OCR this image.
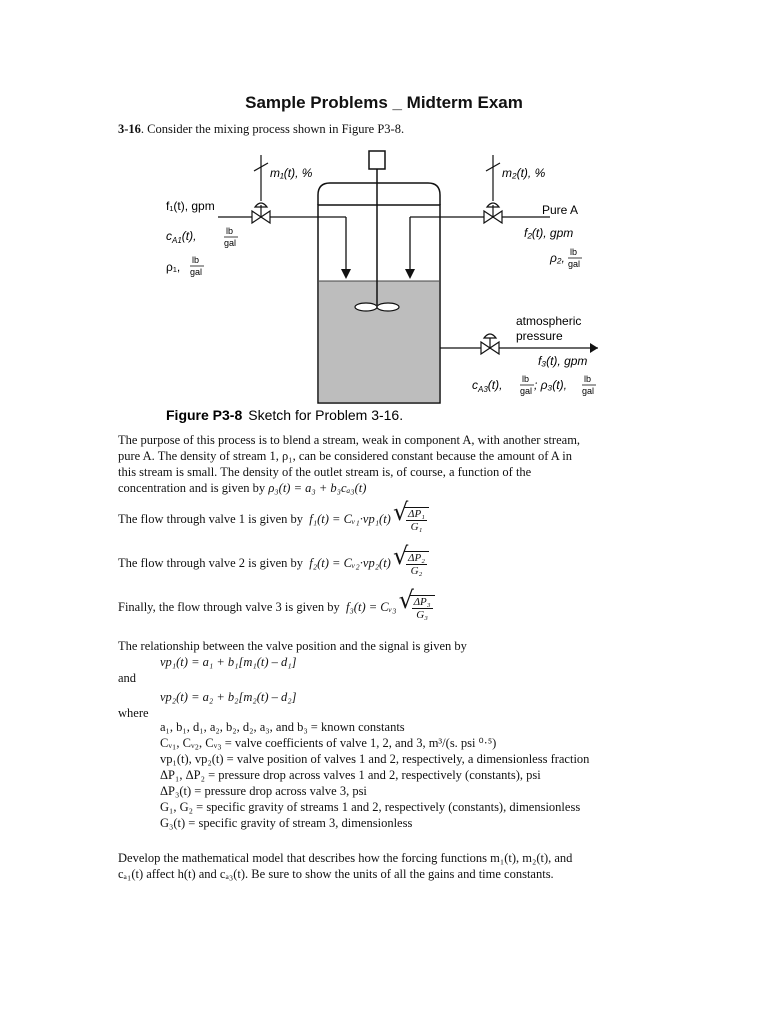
Sample Problems _ Midterm Exam
3-16. Consider the mixing process shown in Figure P3-8.
m₁(t), %	m₂(t), %
f₁(t), gpm
$c_{A1}(t)$,	lb
gal
ρ₁, lb
gal
Pure A
f₂(t), gpm
ρ₂, lb
gal
atmospheric
pressure
f₃(t), gpm
$c_{A3}(t)$, lb
gal ; ρ₃(t), lb
gal
Figure P3-8 Sketch for Problem 3-16.
The purpose of this process is to blend a stream, weak in component A, with another stream,
pure A. The density of stream 1, ρ₁, can be considered constant because the amount of A in
this stream is small. The density of the outlet stream is, of course, a function of the
concentration and is given by ρ₃(t) = a₃ + b₃cₐ₃(t)
The flow through valve 1 is given by f₁(t) = Cᵥ₁·vp₁(t) √ $\frac{\text{ΔP₁}}{\text{G₁}}$
The flow through valve 2 is given by f₂(t) = Cᵥ₂·vp₂(t) √ $\frac{\text{ΔP₂}}{\text{G₂}}$
Finally, the flow through valve 3 is given by f₃(t) = Cᵥ₃ √ $\frac{\text{ΔP₃}}{\text{G₃}}$
The relationship between the valve position and the signal is given by
vp₁(t) = a₁ + b₁[m₁(t) – d₁]
and
vp₂(t) = a₂ + b₂[m₂(t) – d₂]
where
a₁, b₁, d₁, a₂, b₂, d₂, a₃, and b₃ = known constants
Cᵥ₁, Cᵥ₂, Cᵥ₃ = valve coefficients of valve 1, 2, and 3, m³/(s. psi ⁰·⁵)
vp₁(t), vp₂(t) = valve position of valves 1 and 2, respectively, a dimensionless fraction
ΔP₁, ΔP₂ = pressure drop across valves 1 and 2, respectively (constants), psi
ΔP₃(t) = pressure drop across valve 3, psi
G₁, G₂ = specific gravity of streams 1 and 2, respectively (constants), dimensionless
G₃(t) = specific gravity of stream 3, dimensionless
Develop the mathematical model that describes how the forcing functions m₁(t), m₂(t), and
cₐ₁(t) affect h(t) and cₐ₃(t). Be sure to show the units of all the gains and time constants.
